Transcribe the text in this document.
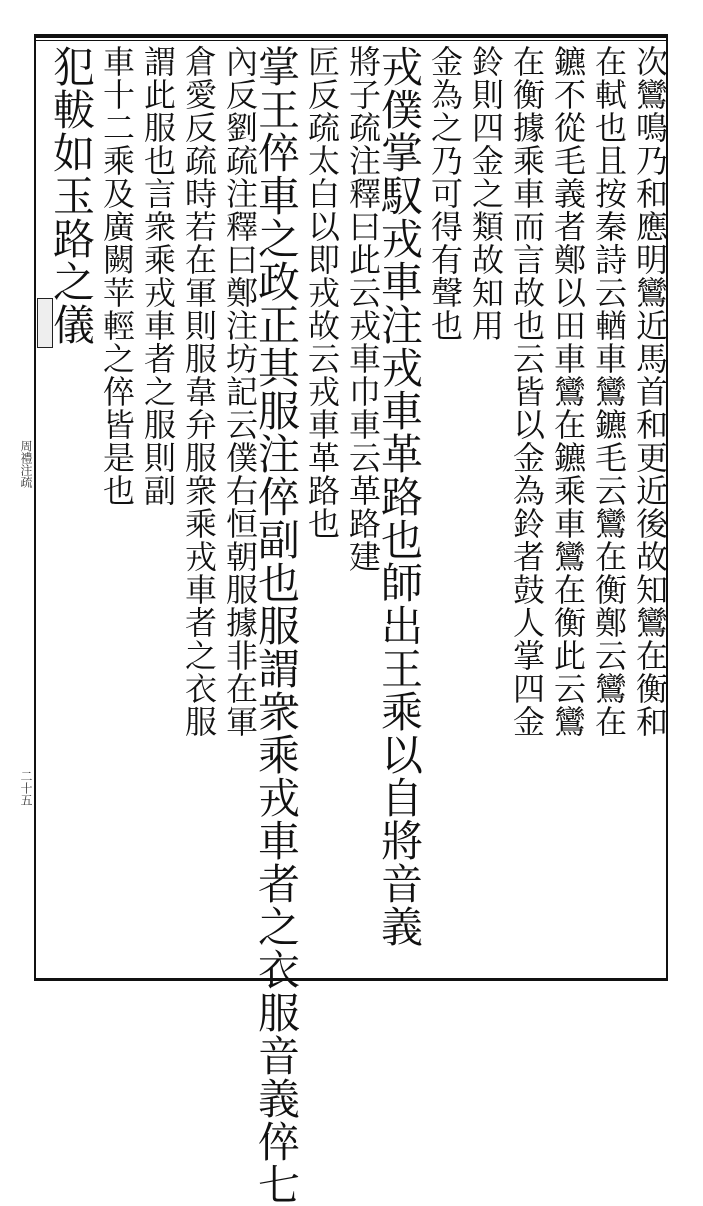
周禮注疏
二十五
次鸞鳴乃和應明鸞近馬首和更近後故知鸞在衡和
在軾也且按秦詩云輶車鸞鑣毛云鸞在衡鄭云鸞在
鑣不從毛義者鄭以田車鸞在鑣乘車鸞在衡此云鸞
在衡據乘車而言故也云皆以金為鈴者鼓人掌四金
鈴則四金之類故知用
金為之乃可得有聲也
戎僕掌馭戎車注戎車革路也師出王乘以自將音義
將子疏注釋曰此云戎車巾車云革路建
匠反疏太白以即戎故云戎車革路也
掌王倅車之政正其服注倅副也服謂衆乘戎車者之衣服音義倅七
內反劉疏注釋曰鄭注坊記云僕右恒朝服據非在軍
倉愛反疏時若在軍則服韋弁服衆乘戎車者之衣服
謂此服也言衆乘戎車者之服則副
車十二乘及廣闕苹輕之倅皆是也
犯軷如玉路之儀
